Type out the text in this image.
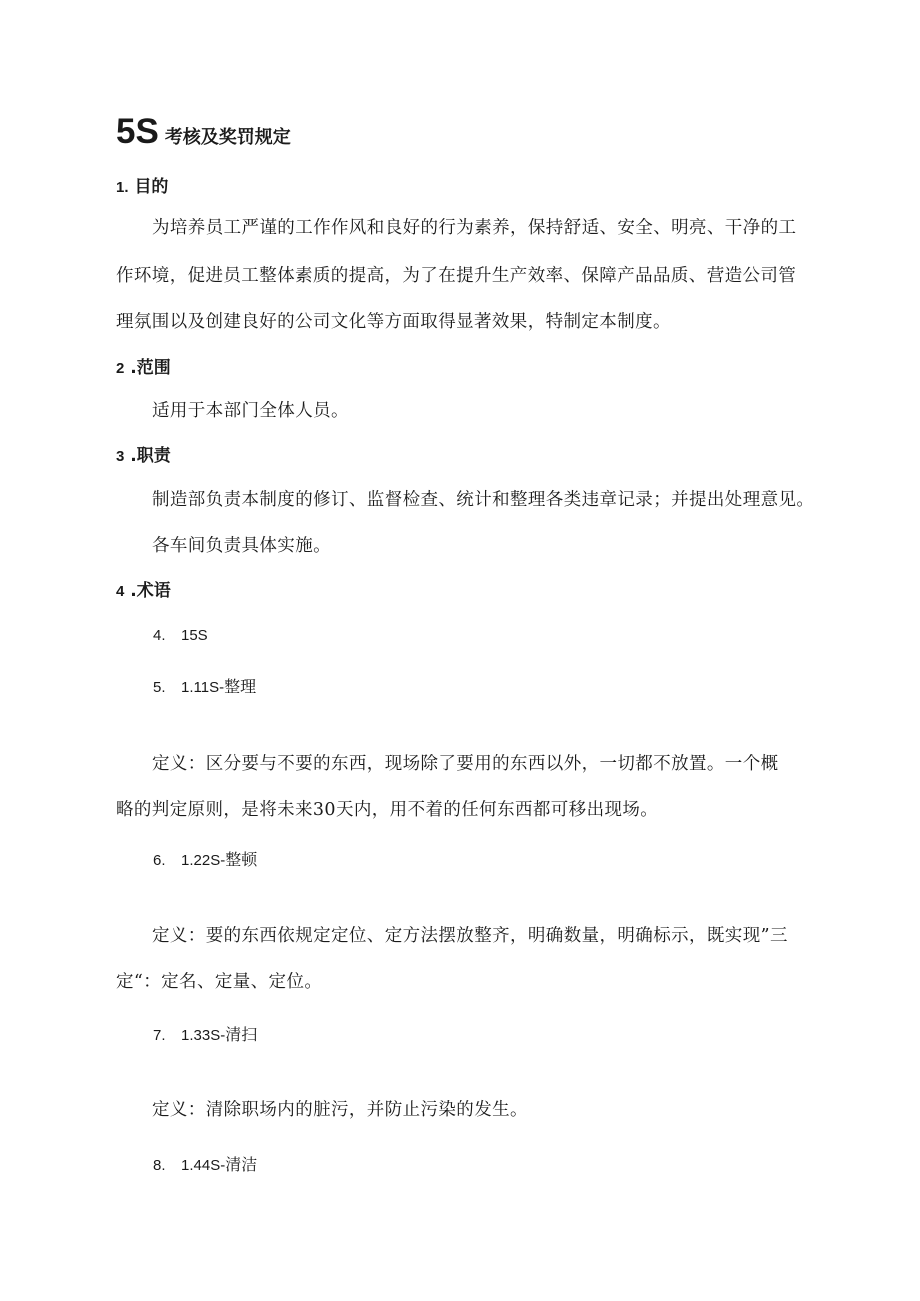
5S 考核及奖罚规定
1. 目的
为培养员工严谨的工作作风和良好的行为素养，保持舒适、安全、明亮、干净的工
作环境，促进员工整体素质的提高，为了在提升生产效率、保障产品品质、营造公司管
理氛围以及创建良好的公司文化等方面取得显著效果，特制定本制度。
2 .范围
适用于本部门全体人员。
3 .职责
制造部负责本制度的修订、监督检查、统计和整理各类违章记录；并提出处理意见。
各车间负责具体实施。
4 .术语
4. 15S
5. 1.11S-整理
定义：区分要与不要的东西，现场除了要用的东西以外，一切都不放置。一个概
略的判定原则，是将未来30天内，用不着的任何东西都可移出现场。
6. 1.22S-整顿
定义：要的东西依规定定位、定方法摆放整齐，明确数量，明确标示，既实现”三
定“：定名、定量、定位。
7. 1.33S-清扫
定义：清除职场内的脏污，并防止污染的发生。
8. 1.44S-清洁
